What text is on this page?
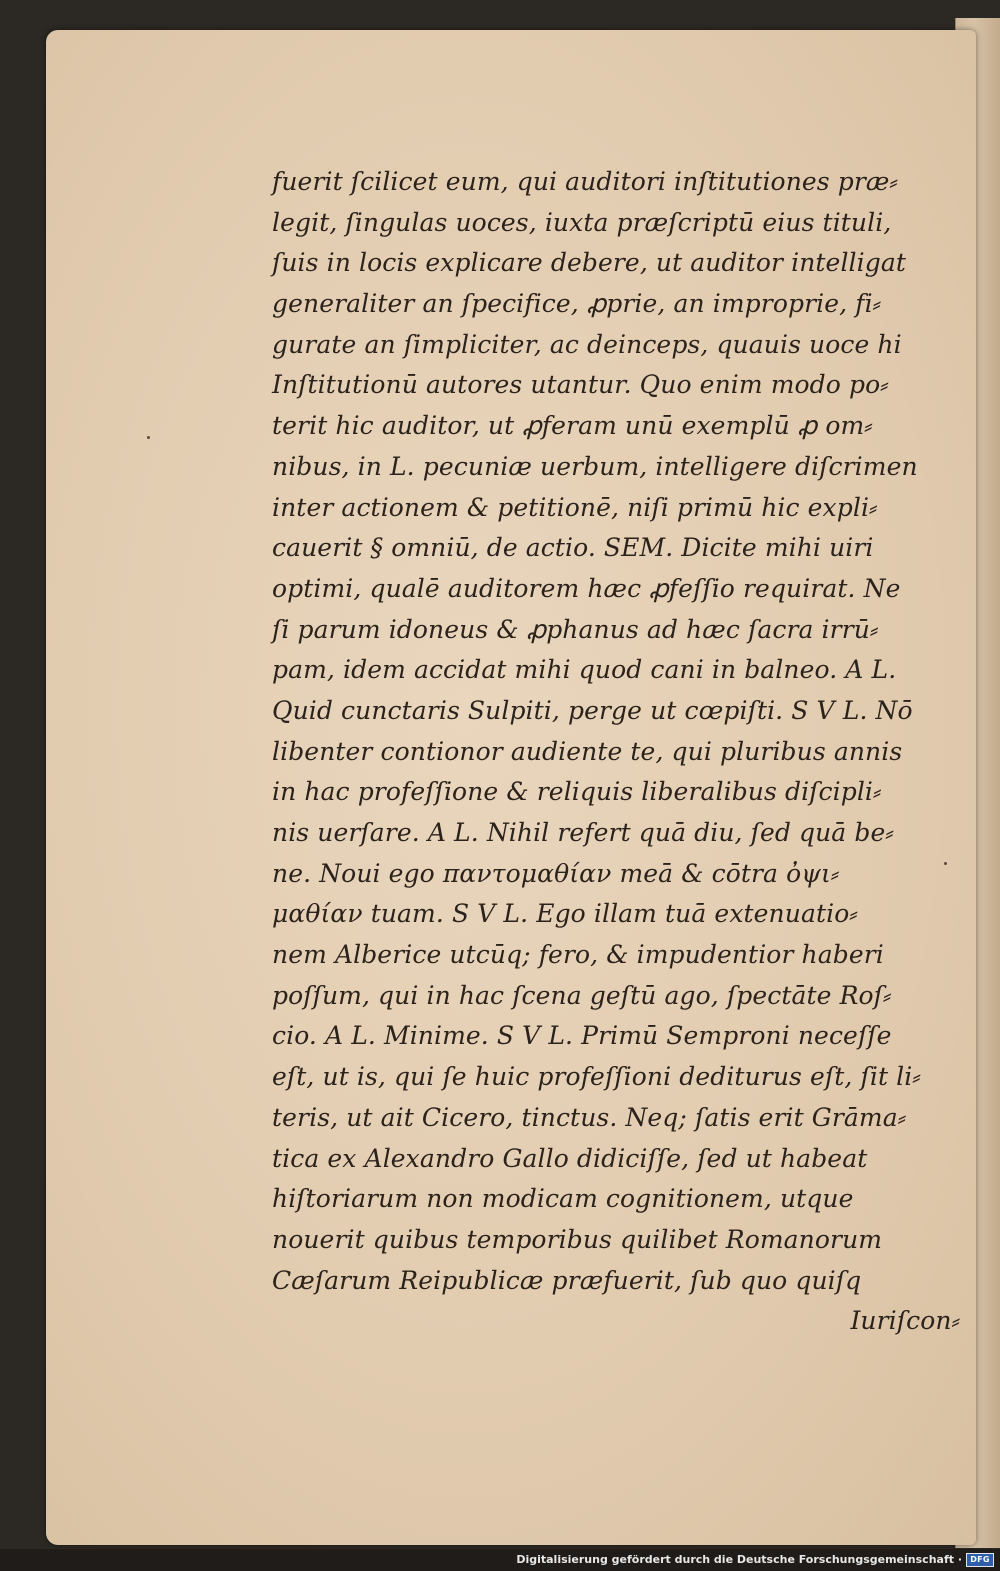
fuerit ſcilicet eum, qui auditori inſtitutiones præ⸗
legit, ſingulas uoces, iuxta præſcriptū eius tituli,
ſuis in locis explicare debere, ut auditor intelligat
generaliter an ſpecifice, ꝓprie, an improprie, fi⸗
gurate an ſimpliciter, ac deinceps, quauis uoce hi
Inſtitutionū autores utantur. Quo enim modo po⸗
terit hic auditor, ut ꝓferam unū exemplū ꝓ om⸗
nibus, in L. pecuniæ uerbum, intelligere diſcrimen
inter actionem & petitionē, niſi primū hic expli⸗
cauerit § omniū, de actio. SEM. Dicite mihi uiri
optimi, qualē auditorem hæc ꝓfeſſio requirat. Ne
ſi parum idoneus & ꝓphanus ad hæc ſacra irrū⸗
pam, idem accidat mihi quod cani in balneo. A L.
Quid cunctaris Sulpiti, perge ut cœpiſti. S V L. Nō
libenter contionor audiente te, qui pluribus annis
in hac profeſſione & reliquis liberalibus diſcipli⸗
nis uerſare. A L. Nihil refert quā diu, ſed quā be⸗
ne. Noui ego παντομαθίαν meā & cōtra ὀψι⸗
μαθίαν tuam. S V L. Ego illam tuā extenuatio⸗
nem Alberice utcūq; fero, & impudentior haberi
poſſum, qui in hac ſcena geſtū ago, ſpectāte Roſ⸗
cio. A L. Minime. S V L. Primū Semproni neceſſe
eſt, ut is, qui ſe huic profeſſioni dediturus eſt, ſit li⸗
teris, ut ait Cicero, tinctus. Neq; ſatis erit Grāma⸗
tica ex Alexandro Gallo didiciſſe, ſed ut habeat
hiſtoriarum non modicam cognitionem, utque
nouerit quibus temporibus quilibet Romanorum
Cæſarum Reipublicæ præfuerit, ſub quo quiſq
Iuriſcon⸗
Digitalisierung gefördert durch die Deutsche Forschungsgemeinschaft ·	DFG
